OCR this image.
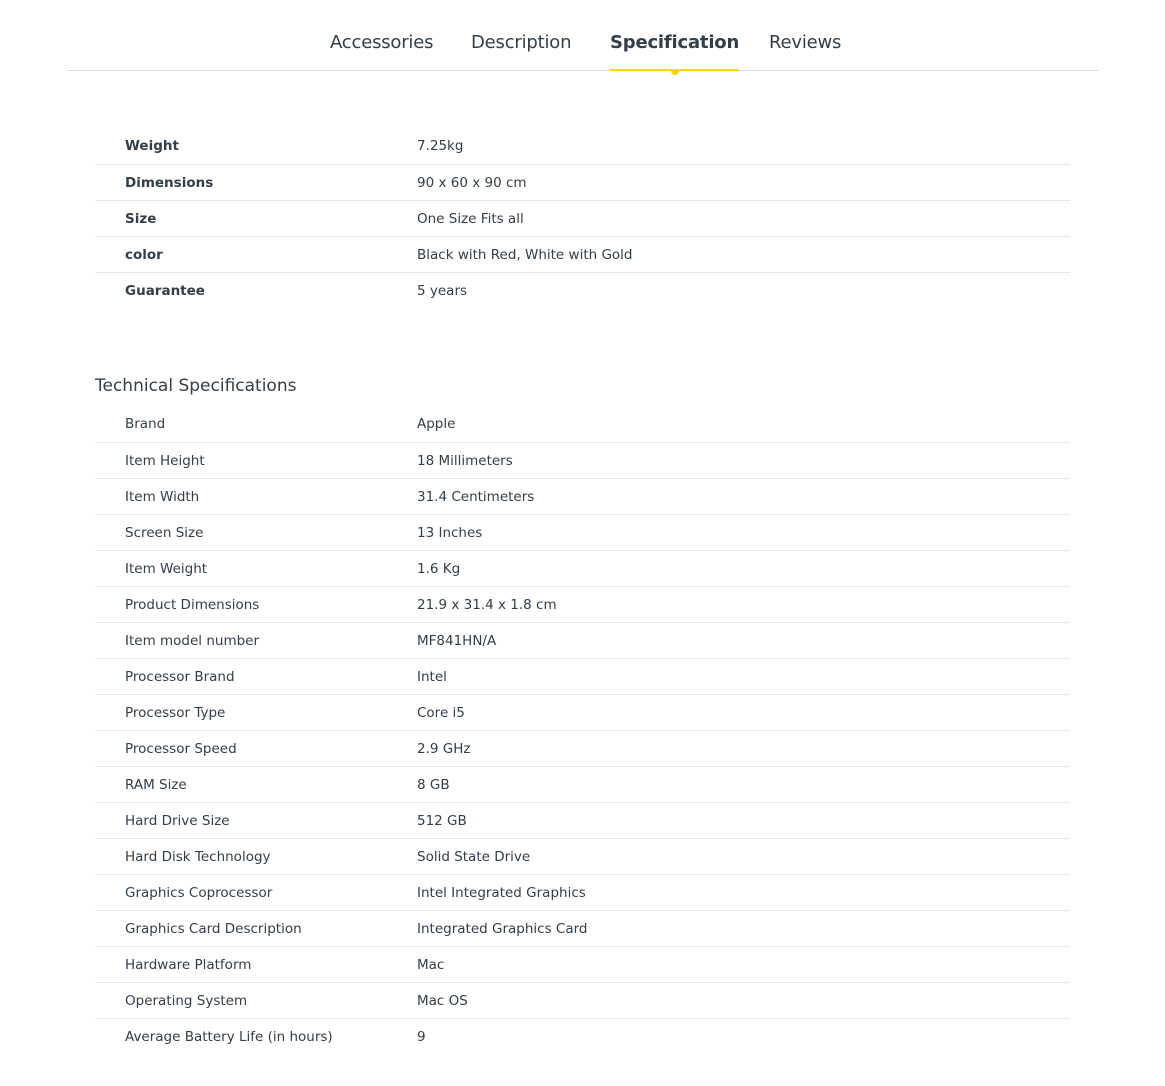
Accessories Description Specification Reviews
Weight	7.25kg
Dimensions	90 x 60 x 90 cm
Size	One Size Fits all
color	Black with Red, White with Gold
Guarantee	5 years
Technical Specifications
Brand	Apple
Item Height	18 Millimeters
Item Width	31.4 Centimeters
Screen Size	13 Inches
Item Weight	1.6 Kg
Product Dimensions	21.9 x 31.4 x 1.8 cm
Item model number	MF841HN/A
Processor Brand	Intel
Processor Type	Core i5
Processor Speed	2.9 GHz
RAM Size	8 GB
Hard Drive Size	512 GB
Hard Disk Technology	Solid State Drive
Graphics Coprocessor	Intel Integrated Graphics
Graphics Card Description	Integrated Graphics Card
Hardware Platform	Mac
Operating System	Mac OS
Average Battery Life (in hours)	9
